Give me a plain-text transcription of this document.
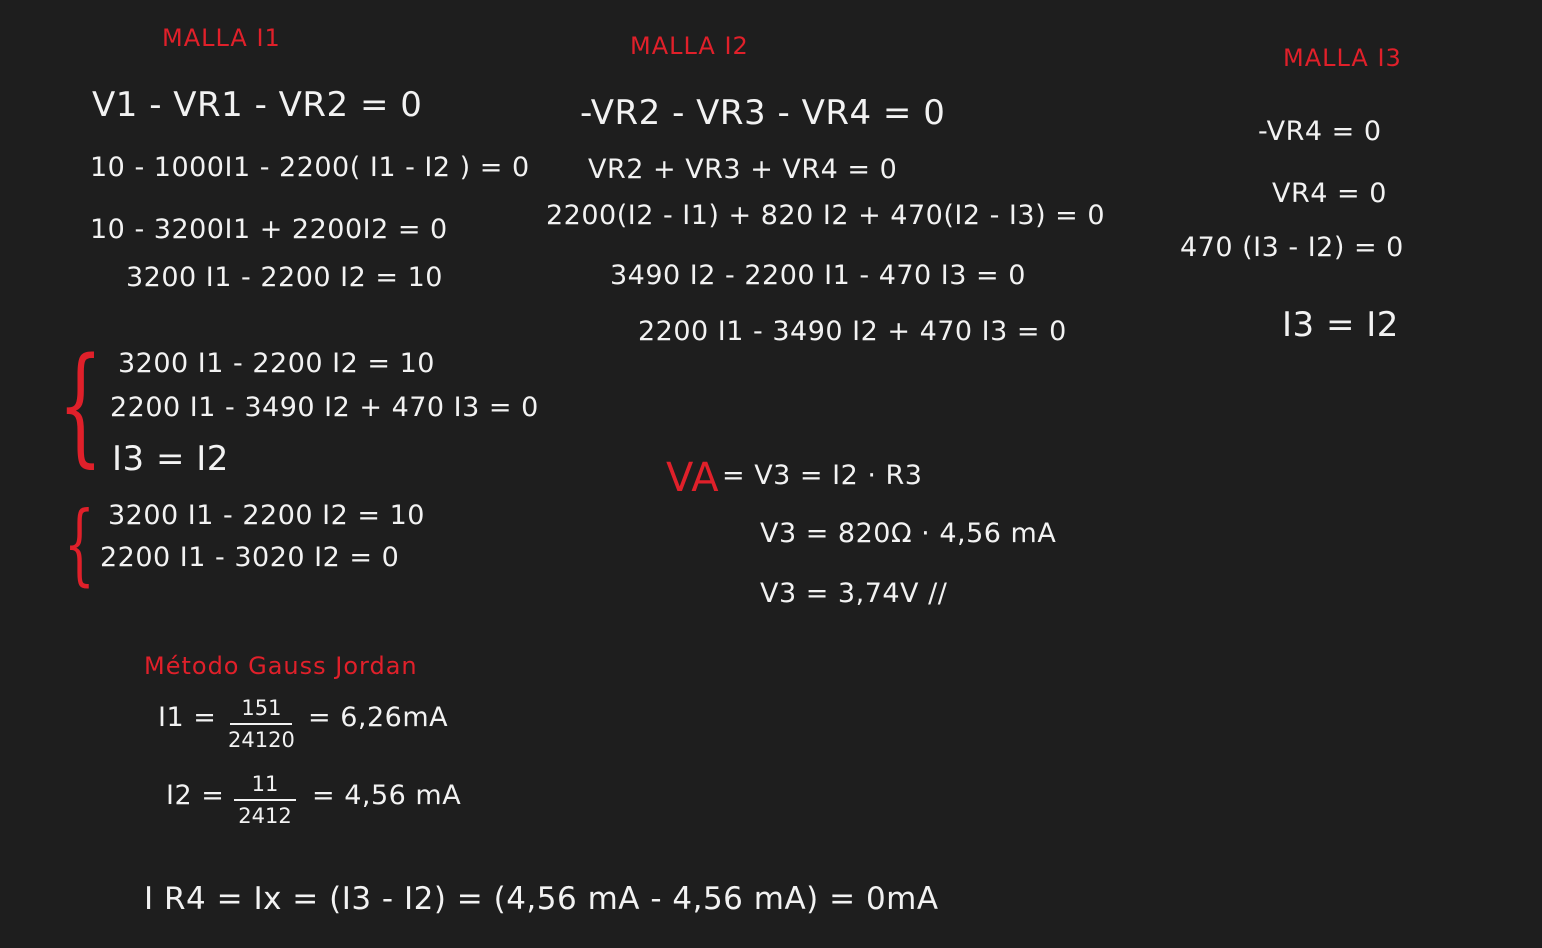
MALLA I1	MALLA I2	MALLA I3
V1 - VR1 - VR2 = 0
10 - 1000I1 - 2200( I1 - I2 ) = 0
10 - 3200I1 + 2200I2 = 0
3200 I1 - 2200 I2 = 10
-VR2 - VR3 - VR4 = 0
VR2 + VR3 + VR4 = 0
2200(I2 - I1) + 820 I2 + 470(I2 - I3) = 0
3490 I2 - 2200 I1 - 470 I3 = 0
2200 I1 - 3490 I2 + 470 I3 = 0
-VR4 = 0
VR4 = 0
470 (I3 - I2) = 0
I3 = I2
{ 3200 I1 - 2200 I2 = 10
2200 I1 - 3490 I2 + 470 I3 = 0
I3 = I2
{ 3200 I1 - 2200 I2 = 10
2200 I1 - 3020 I2 = 0
VA = V3 = I2 · R3
V3 = 820Ω · 4,56 mA
V3 = 3,74V //
Método Gauss Jordan
I1 = 151
24120
= 6,26mA
I2 = 11
2412
= 4,56 mA
I R4 = Ix = (I3 - I2) = (4,56 mA - 4,56 mA) = 0mA
